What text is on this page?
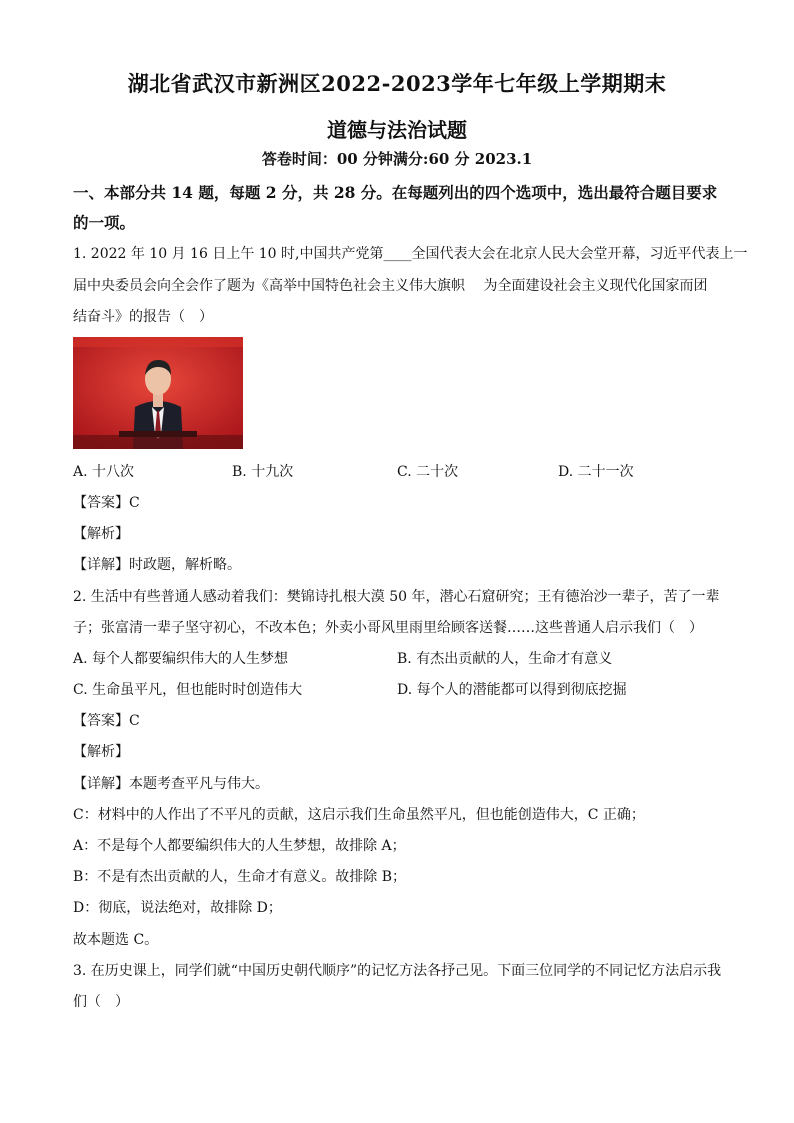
湖北省武汉市新洲区2022-2023学年七年级上学期期末
道德与法治试题
答卷时间：00 分钟满分:60 分 2023.1
一、本部分共 14 题，每题 2 分，共 28 分。在每题列出的四个选项中，选出最符合题目要求
的一项。
1. 2022 年 10 月 16 日上午 10 时,中国共产党第____全国代表大会在北京人民大会堂开幕，习近平代表上一
届中央委员会向全会作了题为《高举中国特色社会主义伟大旗帜　 为全面建设社会主义现代化国家而团
结奋斗》的报告（　）
A. 十八次	B. 十九次	C. 二十次	D. 二十一次
【答案】C
【解析】
【详解】时政题，解析略。
2. 生活中有些普通人感动着我们：樊锦诗扎根大漠 50 年，潜心石窟研究；王有德治沙一辈子，苦了一辈
子；张富清一辈子坚守初心，不改本色；外卖小哥风里雨里给顾客送餐……这些普通人启示我们（　）
A. 每个人都要编织伟大的人生梦想	B. 有杰出贡献的人，生命才有意义
C. 生命虽平凡，但也能时时创造伟大	D. 每个人的潜能都可以得到彻底挖掘
【答案】C
【解析】
【详解】本题考查平凡与伟大。
C：材料中的人作出了不平凡的贡献，这启示我们生命虽然平凡，但也能创造伟大，C 正确；
A：不是每个人都要编织伟大的人生梦想，故排除 A；
B：不是有杰出贡献的人，生命才有意义。故排除 B；
D：彻底，说法绝对，故排除 D；
故本题选 C。
3. 在历史课上，同学们就“中国历史朝代顺序”的记忆方法各抒己见。下面三位同学的不同记忆方法启示我
们（　）
